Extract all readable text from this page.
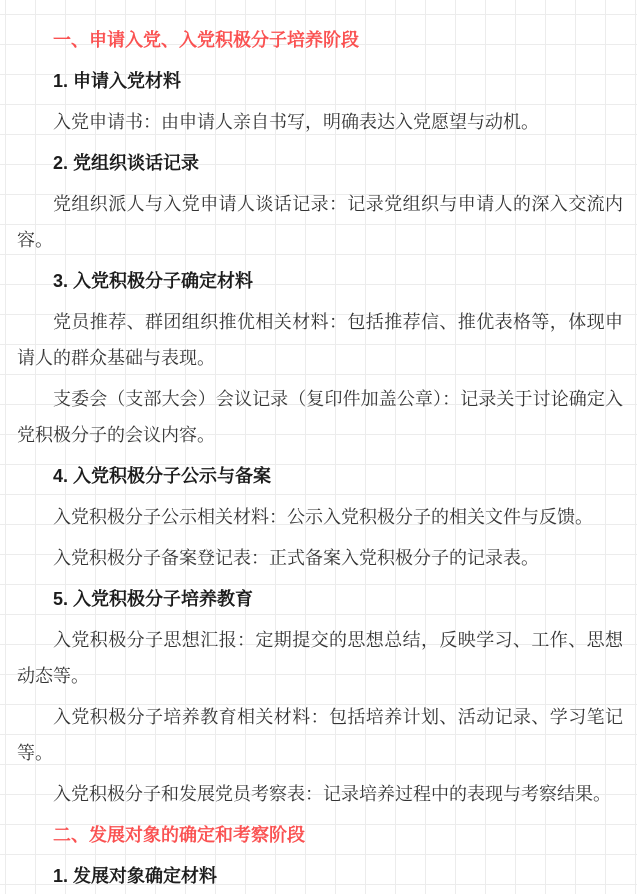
一、申请入党、入党积极分子培养阶段

1. 申请入党材料

入党申请书：由申请人亲自书写，明确表达入党愿望与动机。

2. 党组织谈话记录

党组织派人与入党申请人谈话记录：记录党组织与申请人的深入交流内容。

3. 入党积极分子确定材料

党员推荐、群团组织推优相关材料：包括推荐信、推优表格等，体现申请人的群众基础与表现。

支委会（支部大会）会议记录（复印件加盖公章）：记录关于讨论确定入党积极分子的会议内容。

4. 入党积极分子公示与备案

入党积极分子公示相关材料：公示入党积极分子的相关文件与反馈。

入党积极分子备案登记表：正式备案入党积极分子的记录表。

5. 入党积极分子培养教育

入党积极分子思想汇报：定期提交的思想总结，反映学习、工作、思想动态等。

入党积极分子培养教育相关材料：包括培养计划、活动记录、学习笔记等。

入党积极分子和发展党员考察表：记录培养过程中的表现与考察结果。

二、发展对象的确定和考察阶段

1. 发展对象确定材料
